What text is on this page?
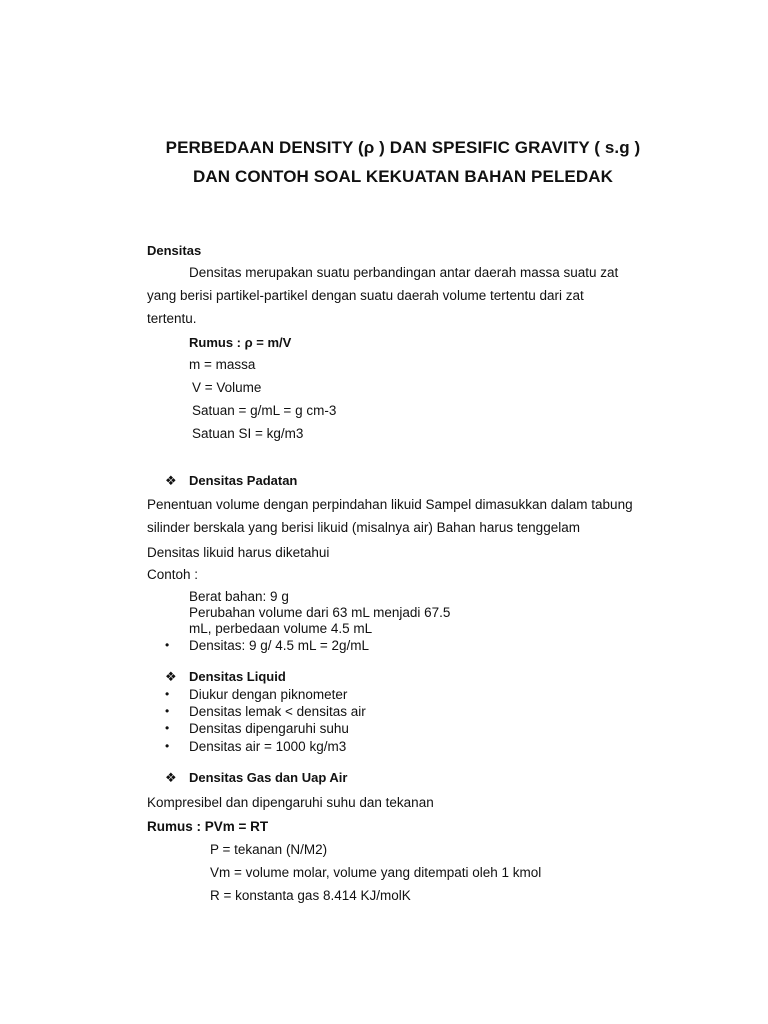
PERBEDAAN DENSITY (ρ ) DAN SPESIFIC GRAVITY ( s.g )
DAN CONTOH SOAL KEKUATAN BAHAN PELEDAK
Densitas
Densitas merupakan suatu perbandingan antar daerah massa suatu zat
yang berisi partikel-partikel dengan suatu daerah volume tertentu dari zat
tertentu.
Rumus : ρ = m/V
m = massa
V = Volume
Satuan = g/mL = g cm-3
Satuan SI = kg/m3
❖ Densitas Padatan
Penentuan volume dengan perpindahan likuid Sampel dimasukkan dalam tabung
silinder berskala yang berisi likuid (misalnya air) Bahan harus tenggelam
Densitas likuid harus diketahui
Contoh :
Berat bahan: 9 g
Perubahan volume dari 63 mL menjadi 67.5
mL, perbedaan volume 4.5 mL
• Densitas: 9 g/ 4.5 mL = 2g/mL
❖ Densitas Liquid
• Diukur dengan piknometer
• Densitas lemak < densitas air
• Densitas dipengaruhi suhu
• Densitas air = 1000 kg/m3
❖ Densitas Gas dan Uap Air
Kompresibel dan dipengaruhi suhu dan tekanan
Rumus : PVm = RT
P = tekanan (N/M2)
Vm = volume molar, volume yang ditempati oleh 1 kmol
R = konstanta gas 8.414 KJ/molK
